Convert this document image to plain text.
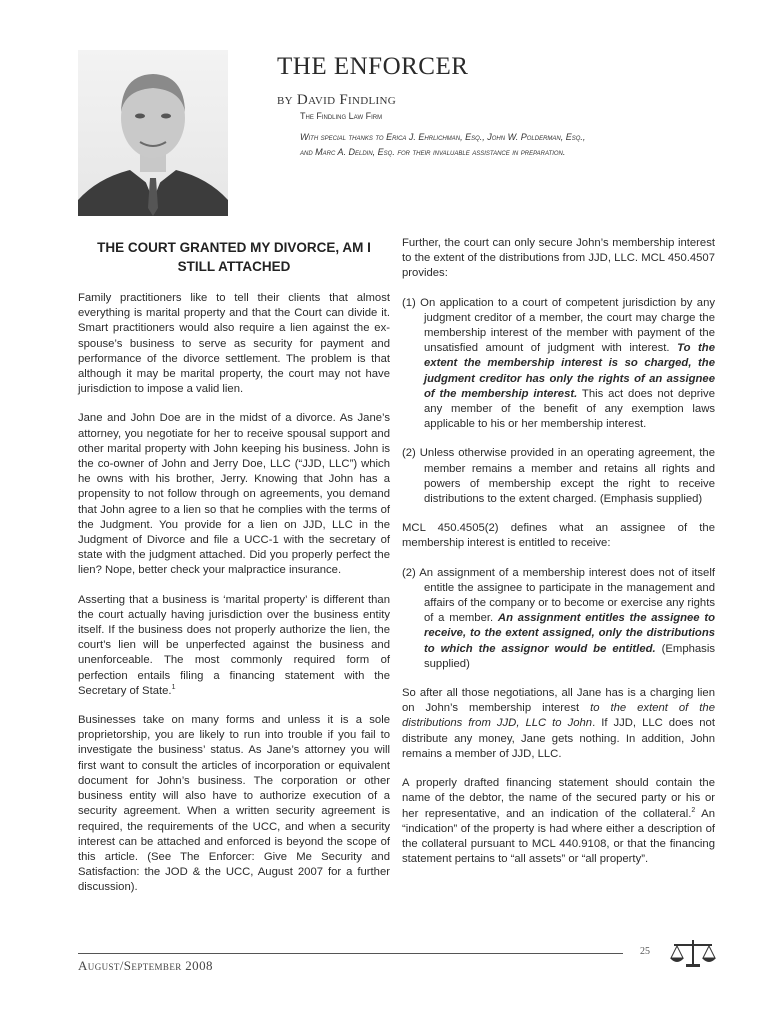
THE ENFORCER
by David Findling
The Findling Law Firm
With special thanks to Erica J. Ehrlichman, Esq., John W. Polderman, Esq.,
and Marc A. Deldin, Esq. for their invaluable assistance in preparation.
THE COURT GRANTED MY DIVORCE, AM I STILL ATTACHED

Family practitioners like to tell their clients that almost everything is marital property and that the Court can divide it. Smart practitioners would also require a lien against the ex-spouse’s business to serve as security for payment and performance of the divorce settlement. The problem is that although it may be marital property, the court may not have jurisdiction to impose a valid lien.

Jane and John Doe are in the midst of a divorce. As Jane’s attorney, you negotiate for her to receive spousal support and other marital property with John keeping his business. John is the co-owner of John and Jerry Doe, LLC (“JJD, LLC”) which he owns with his brother, Jerry. Knowing that John has a propensity to not follow through on agreements, you demand that John agree to a lien so that he complies with the terms of the Judgment. You provide for a lien on JJD, LLC in the Judgment of Divorce and file a UCC-1 with the secretary of state with the judgment attached. Did you properly perfect the lien? Nope, better check your malpractice insurance.

Asserting that a business is ‘marital property’ is different than the court actually having jurisdiction over the business entity itself. If the business does not properly authorize the lien, the court’s lien will be unperfected against the business and unenforceable. The most commonly required form of perfection entails filing a financing statement with the Secretary of State.$^1$

Businesses take on many forms and unless it is a sole proprietorship, you are likely to run into trouble if you fail to investigate the business’ status. As Jane’s attorney you will first want to consult the articles of incorporation or equivalent document for John’s business. The corporation or other business entity will also have to authorize execution of a security agreement. When a written security agreement is required, the requirements of the UCC, and when a security interest can be attached and enforced is beyond the scope of this article. (See The Enforcer: Give Me Security and Satisfaction: the JOD & the UCC, August 2007 for a further discussion).

Further, the court can only secure John’s membership interest to the extent of the distributions from JJD, LLC. MCL 450.4507 provides:

(1) On application to a court of competent jurisdiction by any judgment creditor of a member, the court may charge the membership interest of the member with payment of the unsatisfied amount of judgment with interest. To the extent the membership interest is so charged, the judgment creditor has only the rights of an assignee of the membership interest. This act does not deprive any member of the benefit of any exemption laws applicable to his or her membership interest.

(2) Unless otherwise provided in an operating agreement, the member remains a member and retains all rights and powers of membership except the right to receive distributions to the extent charged. (Emphasis supplied)

MCL 450.4505(2) defines what an assignee of the membership interest is entitled to receive:

(2) An assignment of a membership interest does not of itself entitle the assignee to participate in the management and affairs of the company or to become or exercise any rights of a member. An assignment entitles the assignee to receive, to the extent assigned, only the distributions to which the assignor would be entitled. (Emphasis supplied)

So after all those negotiations, all Jane has is a charging lien on John’s membership interest to the extent of the distributions from JJD, LLC to John. If JJD, LLC does not distribute any money, Jane gets nothing. In addition, John remains a member of JJD, LLC.

A properly drafted financing statement should contain the name of the debtor, the name of the secured party or his or her representative, and an indication of the collateral.$^2$ An “indication” of the property is had where either a description of the collateral pursuant to MCL 440.9108, or that the financing statement pertains to “all assets” or “all property”.

25
August/September 2008
